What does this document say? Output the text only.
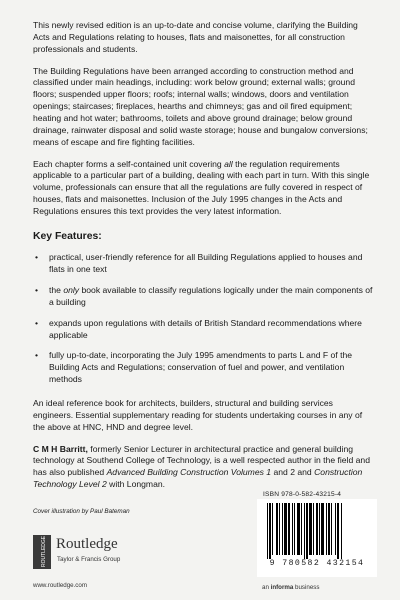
This newly revised edition is an up-to-date and concise volume, clarifying the Building Acts and Regulations relating to houses, flats and maisonettes, for all construction professionals and students.

The Building Regulations have been arranged according to construction method and classified under main headings, including: work below ground; external walls; ground floors; suspended upper floors; roofs; internal walls; windows, doors and ventilation openings; staircases; fireplaces, hearths and chimneys; gas and oil fired equipment; heating and hot water; bathrooms, toilets and above ground drainage; below ground drainage, rainwater disposal and solid waste storage; house and bungalow conversions; means of escape and fire fighting facilities.

Each chapter forms a self-contained unit covering all the regulation requirements applicable to a particular part of a building, dealing with each part in turn. With this single volume, professionals can ensure that all the regulations are fully covered in respect of houses, flats and maisonettes. Inclusion of the July 1995 changes in the Acts and Regulations ensures this text provides the very latest information.

Key Features:
• practical, user-friendly reference for all Building Regulations applied to houses and flats in one text
• the only book available to classify regulations logically under the main components of a building
• expands upon regulations with details of British Standard recommendations where applicable
• fully up-to-date, incorporating the July 1995 amendments to parts L and F of the Building Acts and Regulations; conservation of fuel and power, and ventilation methods

An ideal reference book for architects, builders, structural and building services engineers. Essential supplementary reading for students undertaking courses in any of the above at HNC, HND and degree level.

C M H Barritt, formerly Senior Lecturer in architectural practice and general building technology at Southend College of Technology, is a well respected author in the field and has also published Advanced Building Construction Volumes 1 and 2 and Construction Technology Level 2 with Longman.

ISBN 978-0-582-43215-4
Cover illustration by Paul Bateman
ROUTLEDGE Routledge
Taylor & Francis Group
www.routledge.com
9 780582 432154
an informa business
